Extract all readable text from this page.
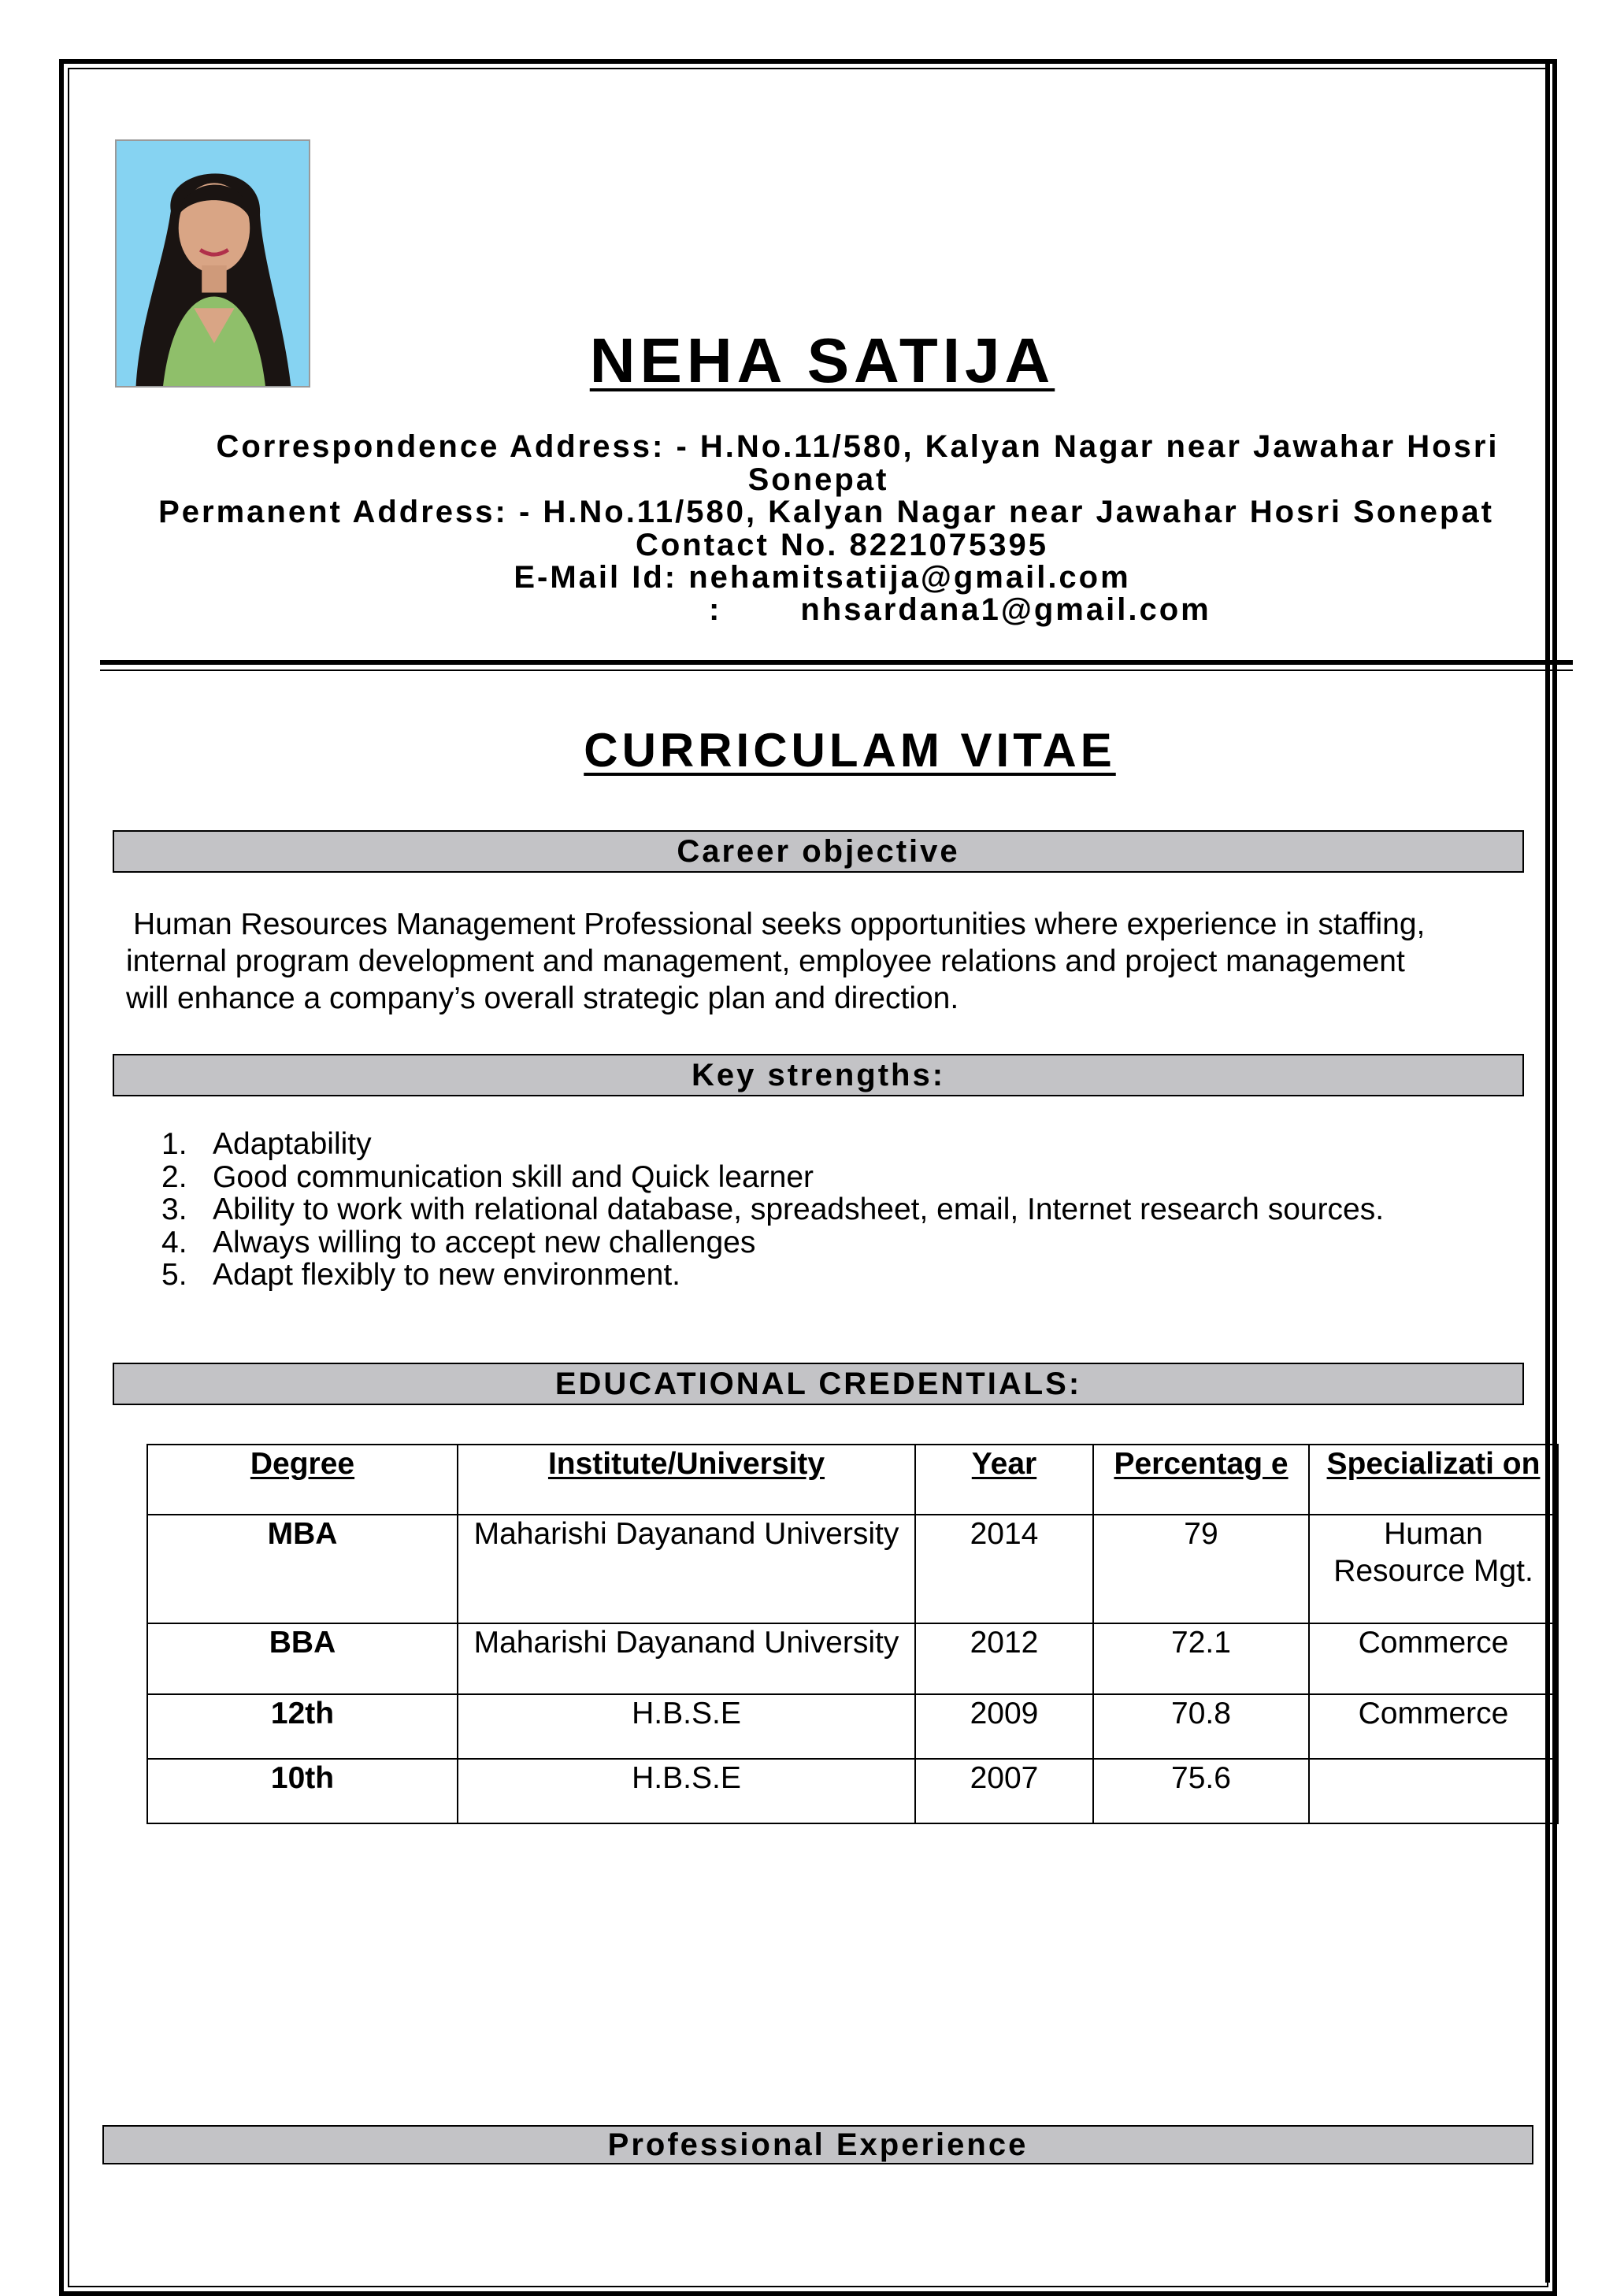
NEHA SATIJA
Correspondence Address: - H.No.11/580, Kalyan Nagar near Jawahar Hosri
Sonepat
Permanent Address: - H.No.11/580, Kalyan Nagar near Jawahar Hosri Sonepat
Contact No. 8221075395
E-Mail Id: nehamitsatija@gmail.com
:	nhsardana1@gmail.com
CURRICULAM VITAE
Career objective
Human Resources Management Professional seeks opportunities where experience in staffing,
internal program development and management, employee relations and project management
will enhance a company’s overall strategic plan and direction.
Key strengths:
1. Adaptability
2. Good communication skill and Quick learner
3. Ability to work with relational database, spreadsheet, email, Internet research sources.
4. Always willing to accept new challenges
5. Adapt flexibly to new environment.
EDUCATIONAL CREDENTIALS:
Degree	Institute/University	Year	Percentag e	Specializati on
MBA	Maharishi Dayanand University	2014	79	Human Resource Mgt.
BBA	Maharishi Dayanand University	2012	72.1	Commerce
12th	H.B.S.E	2009	70.8	Commerce
10th	H.B.S.E	2007	75.6	
Professional Experience
